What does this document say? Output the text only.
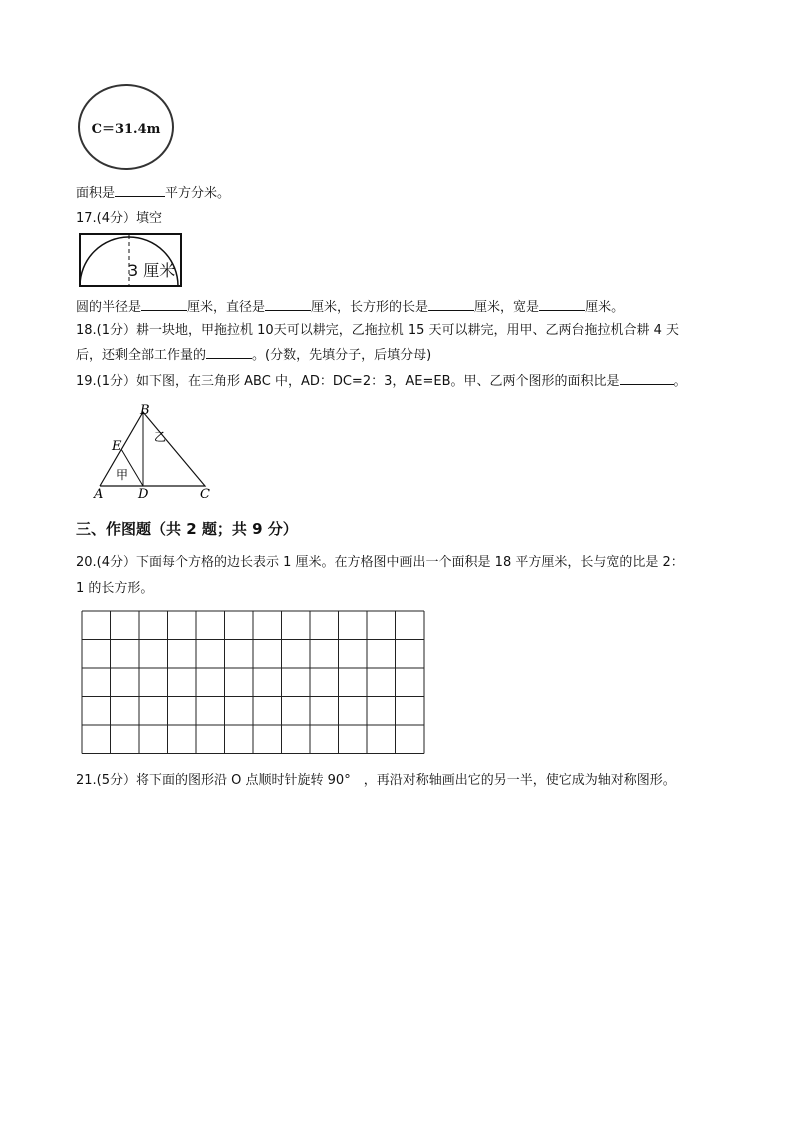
C＝31.4m
面积是	平方分米。
17.(4分）填空
3 厘米
圆的半径是	厘米，直径是	厘米，长方形的长是	厘米，宽是	厘米。
18.(1分）耕一块地，甲拖拉机 10天可以耕完，乙拖拉机 15 天可以耕完，用甲、乙两台拖拉机合耕 4 天
后，还剩全部工作量的	。(分数，先填分子，后填分母)
19.(1分）如下图，在三角形 ABC 中，AD：DC=2：3，AE=EB。甲、乙两个图形的面积比是	。
B
E
A	D	C
甲
乙
三、作图题（共 2 题；共 9 分）
20.(4分）下面每个方格的边长表示 1 厘米。在方格图中画出一个面积是 18 平方厘米，长与宽的比是 2：
1 的长方形。
21.(5分）将下面的图形沿 O 点顺时针旋转 90°　，再沿对称轴画出它的另一半，使它成为轴对称图形。
